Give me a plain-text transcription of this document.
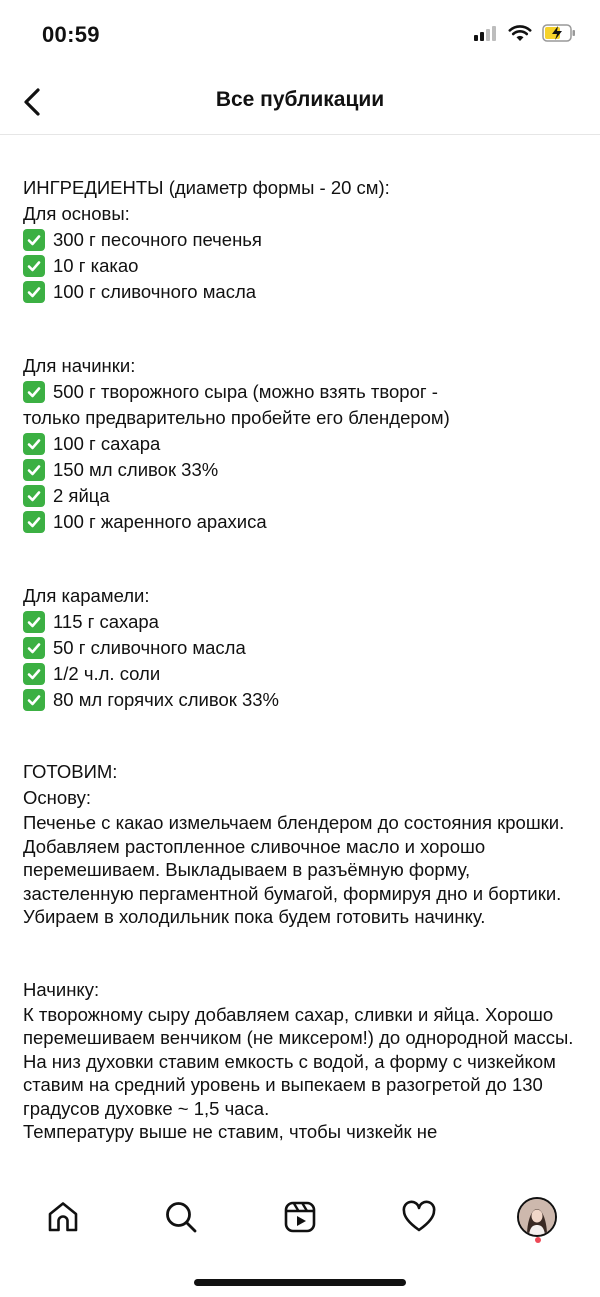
00:59
Все публикации
ИНГРЕДИЕНТЫ (диаметр формы - 20 см):
Для основы:
300 г песочного печенья
10 г какао
100 г сливочного масла
Для начинки:
500 г творожного сыра (можно взять творог -
только предварительно пробейте его блендером)
100 г сахара
150 мл сливок 33%
2 яйца
100 г жаренного арахиса
Для карамели:
115 г сахара
50 г сливочного масла
1/2 ч.л. соли
80 мл горячих сливок 33%
ГОТОВИМ:
Основу:
Печенье с какао измельчаем блендером до состояния крошки. Добавляем растопленное сливочное масло и хорошо перемешиваем. Выкладываем в разъёмную форму, застеленную пергаментной бумагой, формируя дно и бортики. Убираем в холодильник пока будем готовить начинку.
Начинку:
К творожному сыру добавляем сахар, сливки и яйца. Хорошо перемешиваем венчиком (не миксером!) до однородной массы.
На низ духовки ставим емкость с водой, а форму с чизкейком ставим на средний уровень и выпекаем в разогретой до 130 градусов духовке ~ 1,5 часа.
Температуру выше не ставим, чтобы чизкейк не
